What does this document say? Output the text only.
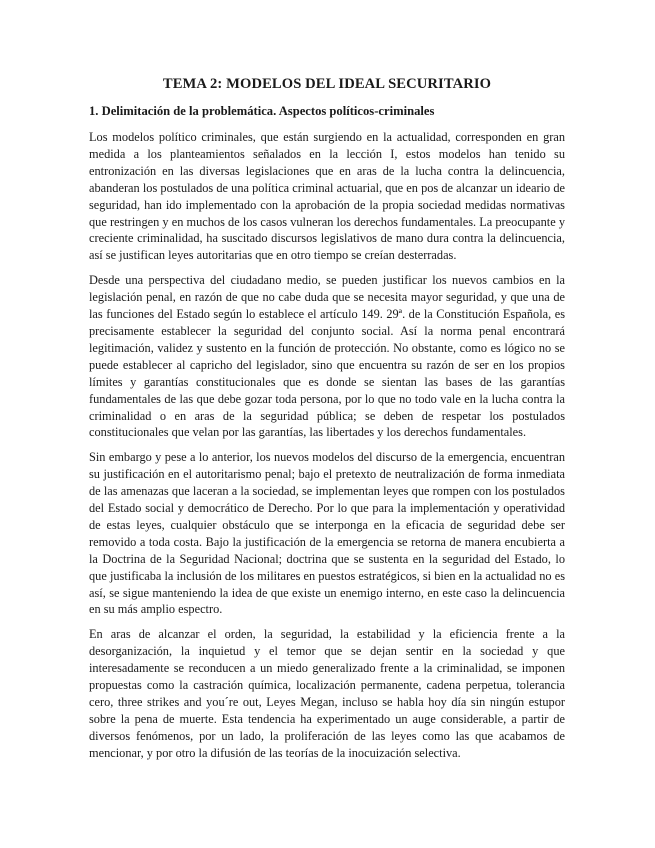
TEMA 2: MODELOS DEL IDEAL SECURITARIO
1. Delimitación de la problemática. Aspectos políticos-criminales

Los modelos político criminales, que están surgiendo en la actualidad, corresponden en gran medida a los planteamientos señalados en la lección I, estos modelos han tenido su entronización en las diversas legislaciones que en aras de la lucha contra la delincuencia, abanderan los postulados de una política criminal actuarial, que en pos de alcanzar un ideario de seguridad, han ido implementado con la aprobación de la propia sociedad medidas normativas que restringen y en muchos de los casos vulneran los derechos fundamentales. La preocupante y creciente criminalidad, ha suscitado discursos legislativos de mano dura contra la delincuencia, así se justifican leyes autoritarias que en otro tiempo se creían desterradas.

Desde una perspectiva del ciudadano medio, se pueden justificar los nuevos cambios en la legislación penal, en razón de que no cabe duda que se necesita mayor seguridad, y que una de las funciones del Estado según lo establece el artículo 149. 29ª. de la Constitución Española, es precisamente establecer la seguridad del conjunto social. Así la norma penal encontrará legitimación, validez y sustento en la función de protección. No obstante, como es lógico no se puede establecer al capricho del legislador, sino que encuentra su razón de ser en los propios límites y garantías constitucionales que es donde se sientan las bases de las garantías fundamentales de las que debe gozar toda persona, por lo que no todo vale en la lucha contra la criminalidad o en aras de la seguridad pública; se deben de respetar los postulados constitucionales que velan por las garantías, las libertades y los derechos fundamentales.

Sin embargo y pese a lo anterior, los nuevos modelos del discurso de la emergencia, encuentran su justificación en el autoritarismo penal; bajo el pretexto de neutralización de forma inmediata de las amenazas que laceran a la sociedad, se implementan leyes que rompen con los postulados del Estado social y democrático de Derecho. Por lo que para la implementación y operatividad de estas leyes, cualquier obstáculo que se interponga en la eficacia de seguridad debe ser removido a toda costa. Bajo la justificación de la emergencia se retorna de manera encubierta a la Doctrina de la Seguridad Nacional; doctrina que se sustenta en la seguridad del Estado, lo que justificaba la inclusión de los militares en puestos estratégicos, si bien en la actualidad no es así, se sigue manteniendo la idea de que existe un enemigo interno, en este caso la delincuencia en su más amplio espectro.

En aras de alcanzar el orden, la seguridad, la estabilidad y la eficiencia frente a la desorganización, la inquietud y el temor que se dejan sentir en la sociedad y que interesadamente se reconducen a un miedo generalizado frente a la criminalidad, se imponen propuestas como la castración química, localización permanente, cadena perpetua, tolerancia cero, three strikes and you´re out, Leyes Megan, incluso se habla hoy día sin ningún estupor sobre la pena de muerte. Esta tendencia ha experimentado un auge considerable, a partir de diversos fenómenos, por un lado, la proliferación de las leyes como las que acabamos de mencionar, y por otro la difusión de las teorías de la inocuización selectiva.
